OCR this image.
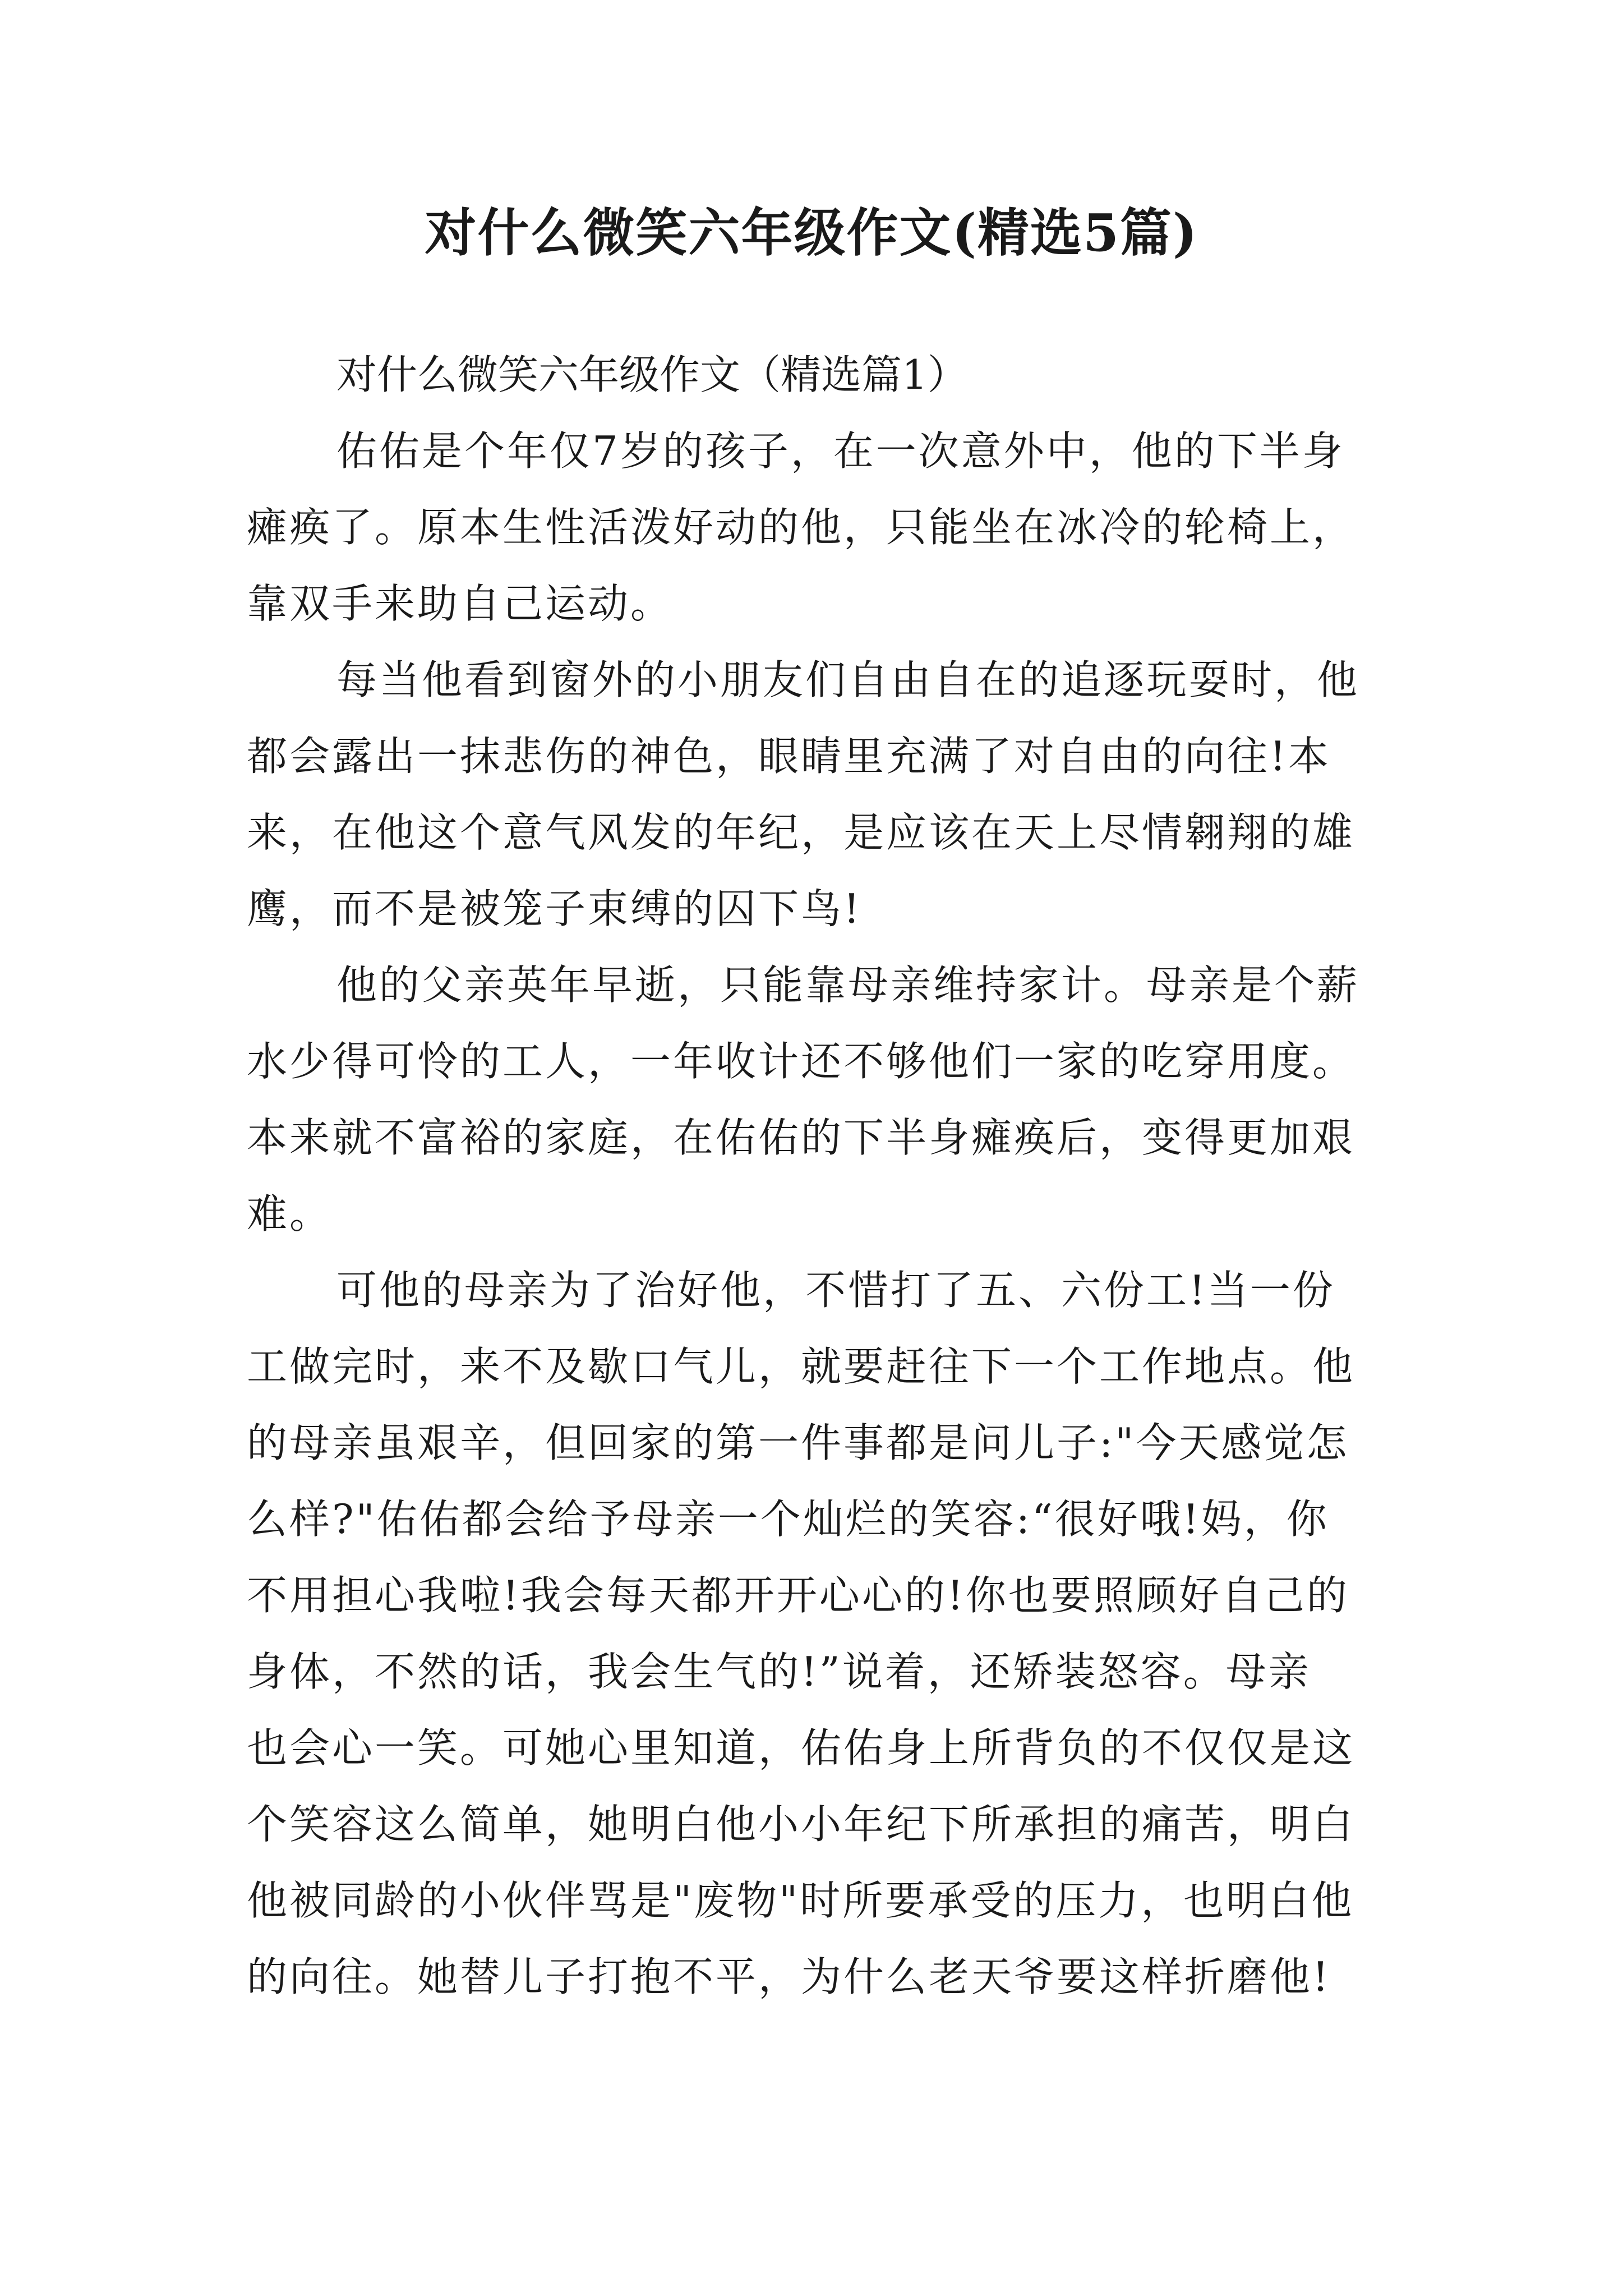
对什么微笑六年级作文(精选5篇)
对什么微笑六年级作文（精选篇1）

佑佑是个年仅7岁的孩子，在一次意外中，他的下半身
瘫痪了。原本生性活泼好动的他，只能坐在冰冷的轮椅上，
靠双手来助自己运动。

每当他看到窗外的小朋友们自由自在的追逐玩耍时，他
都会露出一抹悲伤的神色，眼睛里充满了对自由的向往!本
来，在他这个意气风发的年纪，是应该在天上尽情翱翔的雄
鹰，而不是被笼子束缚的囚下鸟!

他的父亲英年早逝，只能靠母亲维持家计。母亲是个薪
水少得可怜的工人，一年收计还不够他们一家的吃穿用度。
本来就不富裕的家庭，在佑佑的下半身瘫痪后，变得更加艰
难。

可他的母亲为了治好他，不惜打了五、六份工!当一份
工做完时，来不及歇口气儿，就要赶往下一个工作地点。他
的母亲虽艰辛，但回家的第一件事都是问儿子:"今天感觉怎
么样?"佑佑都会给予母亲一个灿烂的笑容:“很好哦!妈，你
不用担心我啦!我会每天都开开心心的!你也要照顾好自己的
身体，不然的话，我会生气的!”说着，还矫装怒容。母亲
也会心一笑。可她心里知道，佑佑身上所背负的不仅仅是这
个笑容这么简单，她明白他小小年纪下所承担的痛苦，明白
他被同龄的小伙伴骂是"废物"时所要承受的压力，也明白他
的向往。她替儿子打抱不平，为什么老天爷要这样折磨他!
